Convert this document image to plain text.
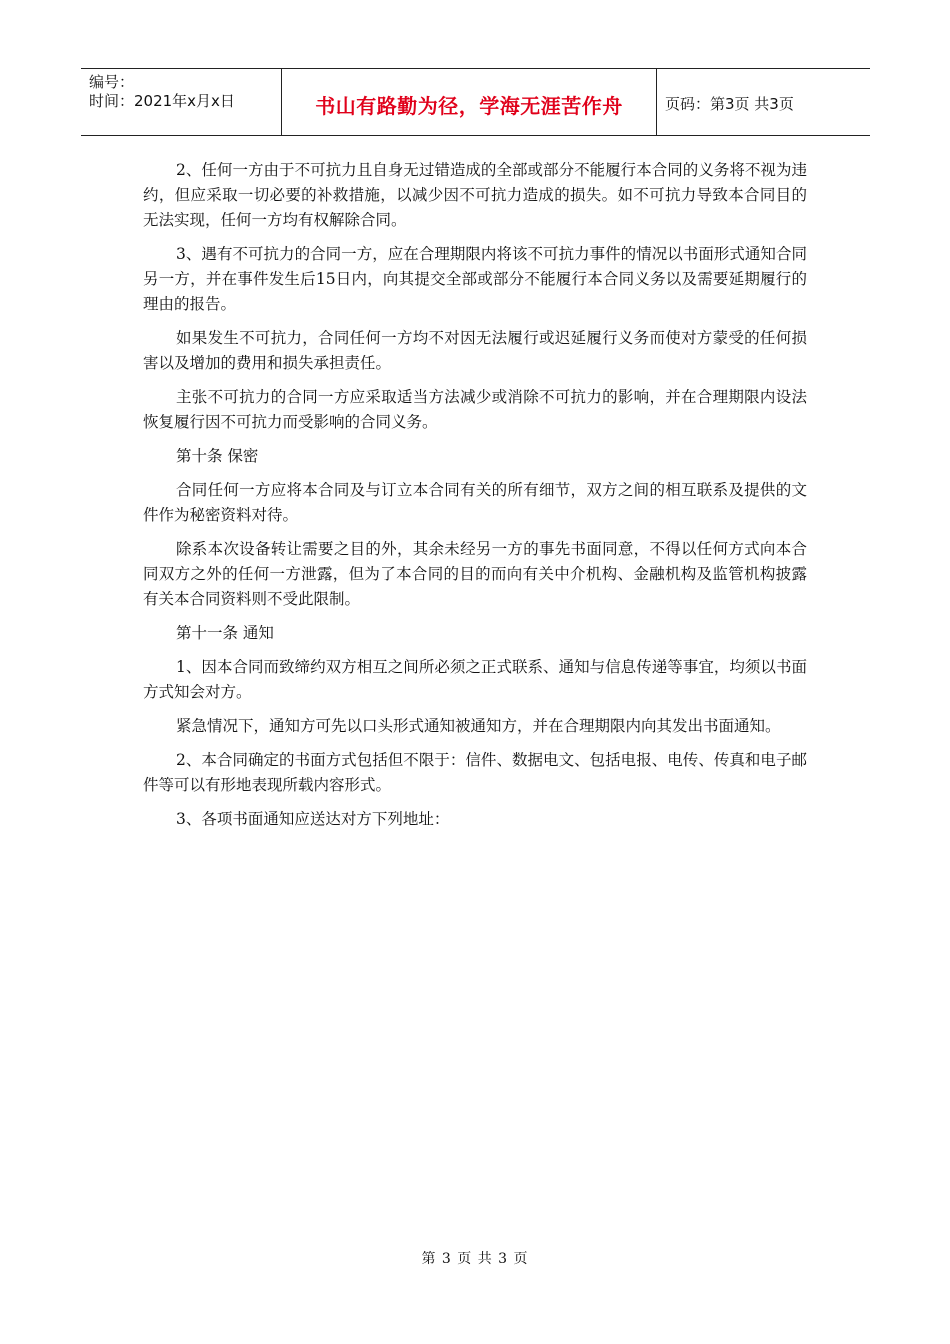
编号：
时间：2021年x月x日	书山有路勤为径，学海无涯苦作舟	页码：第3页 共3页

2、任何一方由于不可抗力且自身无过错造成的全部或部分不能履行本合同的义务将不视为违约，但应采取一切必要的补救措施，以减少因不可抗力造成的损失。如不可抗力导致本合同目的无法实现，任何一方均有权解除合同。

3、遇有不可抗力的合同一方，应在合理期限内将该不可抗力事件的情况以书面形式通知合同另一方，并在事件发生后15日内，向其提交全部或部分不能履行本合同义务以及需要延期履行的理由的报告。

如果发生不可抗力，合同任何一方均不对因无法履行或迟延履行义务而使对方蒙受的任何损害以及增加的费用和损失承担责任。

主张不可抗力的合同一方应采取适当方法减少或消除不可抗力的影响，并在合理期限内设法恢复履行因不可抗力而受影响的合同义务。

第十条 保密

合同任何一方应将本合同及与订立本合同有关的所有细节，双方之间的相互联系及提供的文件作为秘密资料对待。

除系本次设备转让需要之目的外，其余未经另一方的事先书面同意，不得以任何方式向本合同双方之外的任何一方泄露，但为了本合同的目的而向有关中介机构、金融机构及监管机构披露有关本合同资料则不受此限制。

第十一条 通知

1、因本合同而致缔约双方相互之间所必须之正式联系、通知与信息传递等事宜，均须以书面方式知会对方。

紧急情况下，通知方可先以口头形式通知被通知方，并在合理期限内向其发出书面通知。

2、本合同确定的书面方式包括但不限于：信件、数据电文、包括电报、电传、传真和电子邮件等可以有形地表现所载内容形式。

3、各项书面通知应送达对方下列地址：

第 3 页 共 3 页
